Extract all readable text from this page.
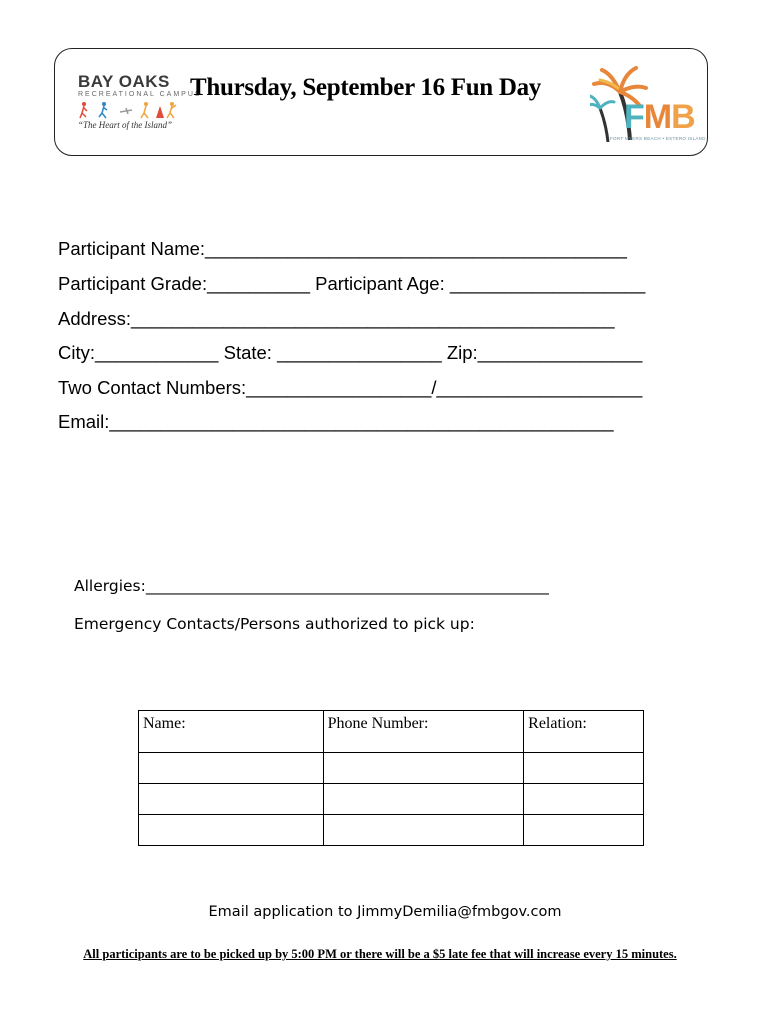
BAY OAKS
RECREATIONAL CAMPUS
“The Heart of the Island”
Thursday, September 16 Fun Day
FMB
FORT MYERS BEACH • ESTERO ISLAND
Participant Name:_________________________________________
Participant Grade:__________ Participant Age: ___________________
Address:_______________________________________________
City:____________ State: ________________ Zip:________________
Two Contact Numbers:__________________/____________________
Email:_________________________________________________
Allergies:____________________________________________________
Emergency Contacts/Persons authorized to pick up:
Name:	Phone Number:	Relation:

Email application to JimmyDemilia@fmbgov.com
All participants are to be picked up by 5:00 PM or there will be a $5 late fee that will increase every 15 minutes.
